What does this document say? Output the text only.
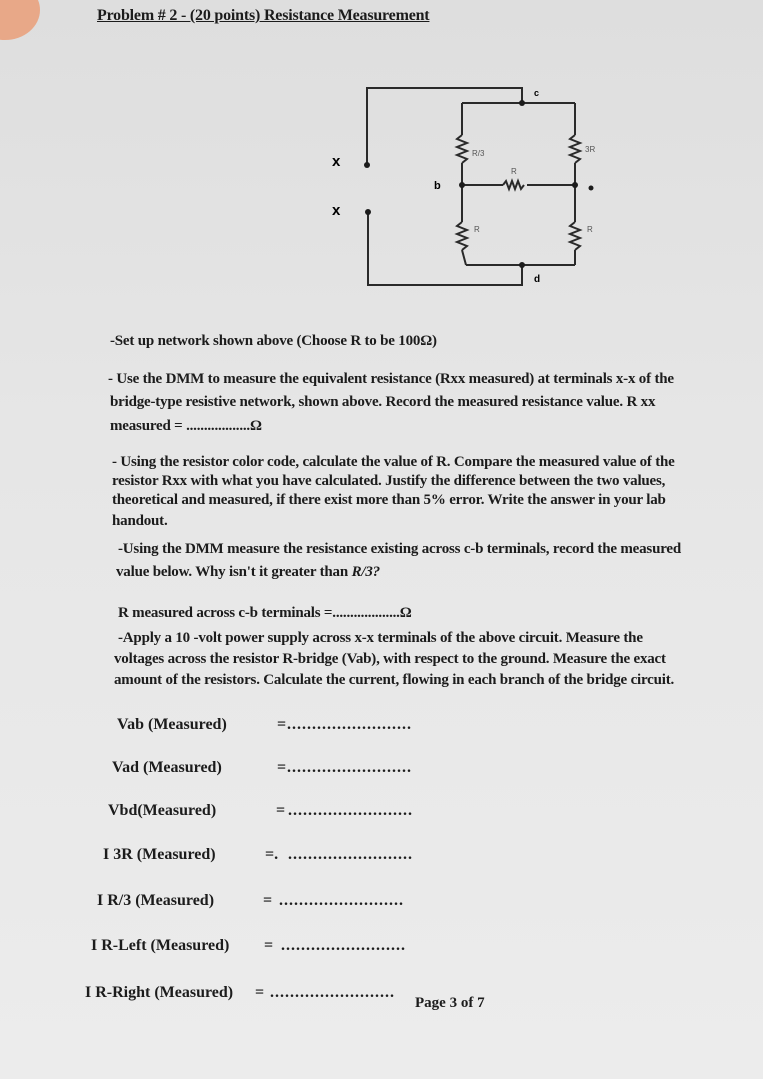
Problem # 2 - (20 points) Resistance Measurement
x
x
b
c
d
a
R/3
R
3R
R	R

-Set up network shown above (Choose R to be 100Ω)

- Use the DMM to measure the equivalent resistance (Rxx measured) at terminals x-x of the

bridge-type resistive network, shown above. Record the measured resistance value. R xx

measured = ..................Ω

- Using the resistor color code, calculate the value of R. Compare the measured value of the

resistor Rxx with what you have calculated. Justify the difference between the two values,

theoretical and measured, if there exist more than 5% error. Write the answer in your lab

handout.

-Using the DMM measure the resistance existing across c-b terminals, record the measured

value below. Why isn't it greater than R/3?

R measured across c-b terminals =...................Ω

-Apply a 10 -volt power supply across x-x terminals of the above circuit. Measure the

voltages across the resistor R-bridge (Vab), with respect to the ground. Measure the exact

amount of the resistors. Calculate the current, flowing in each branch of the bridge circuit.

Vab (Measured)	= .........................
Vad (Measured)	= .........................
Vbd(Measured)	= .........................
I 3R (Measured)	=. .........................
I R/3 (Measured)	= .........................
I R-Left (Measured) = .........................
I R-Right (Measured) = .........................
Page 3 of 7
